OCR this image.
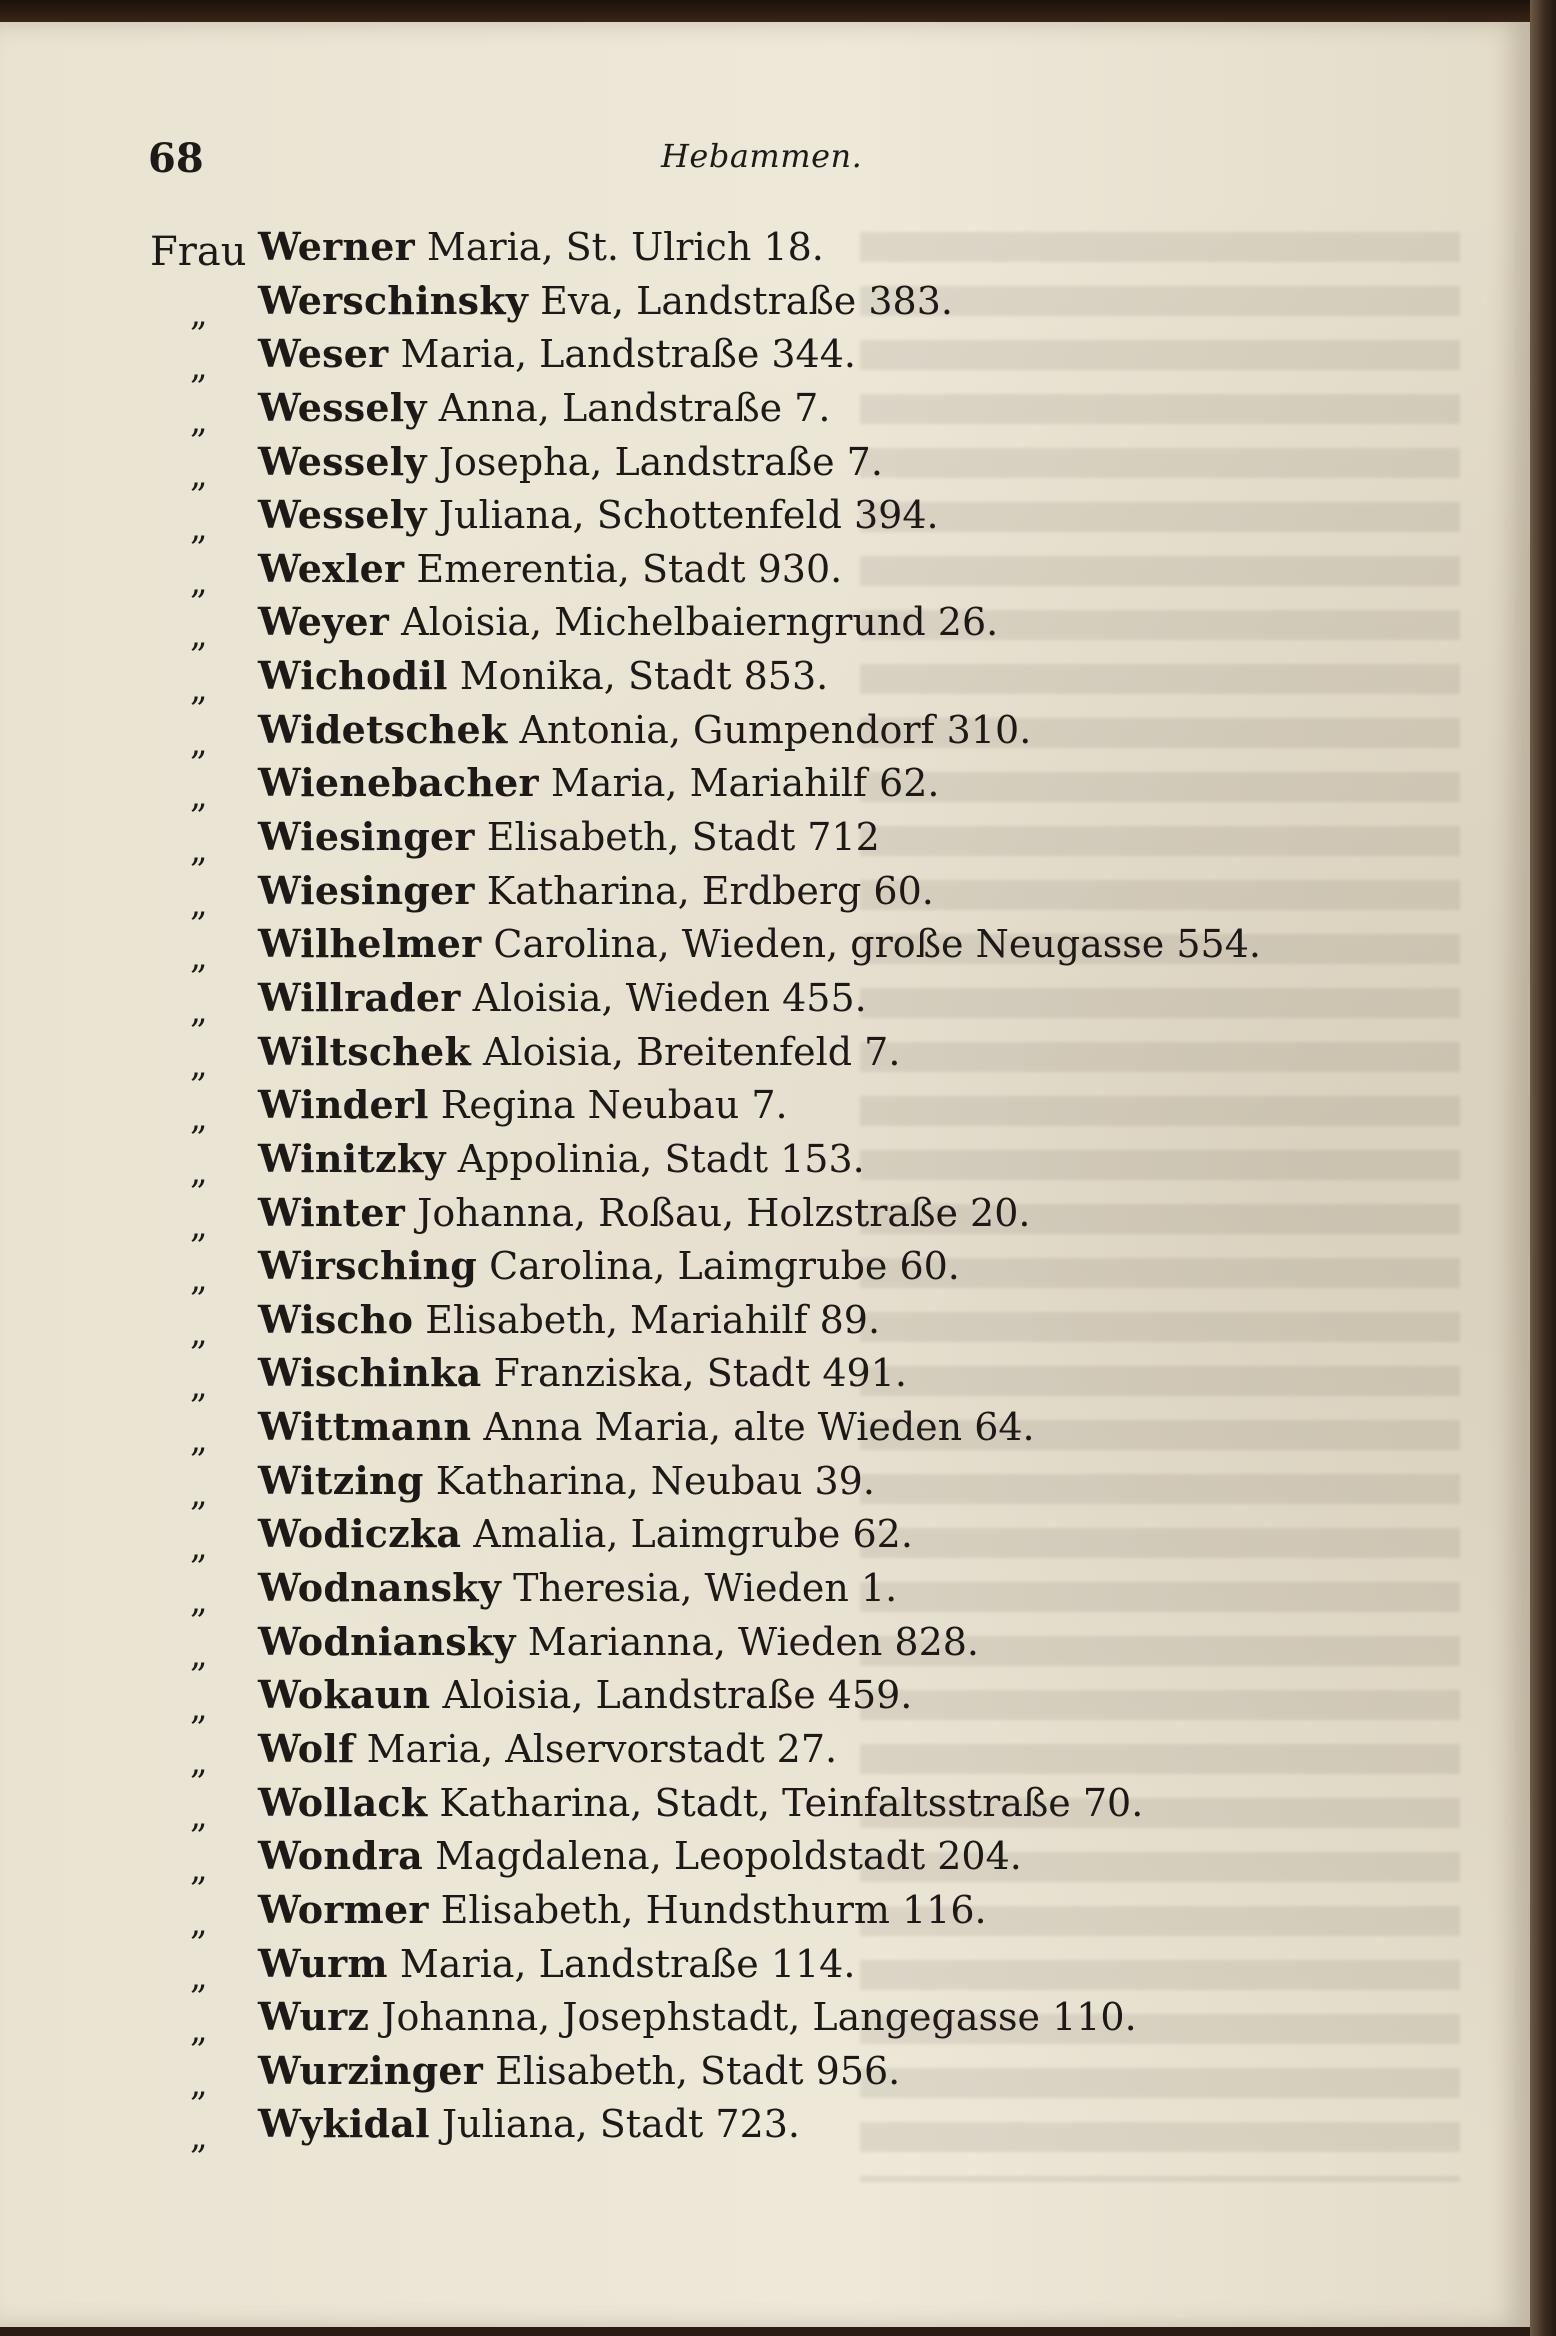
68	Hebammen.
Frau Werner Maria, St. Ulrich 18.
„	Werschinsky Eva, Landstraße 383.
„	Weser Maria, Landstraße 344.
„	Wessely Anna, Landstraße 7.
„	Wessely Josepha, Landstraße 7.
„	Wessely Juliana, Schottenfeld 394.
„	Wexler Emerentia, Stadt 930.
„	Weyer Aloisia, Michelbaierngrund 26.
„	Wichodil Monika, Stadt 853.
„	Widetschek Antonia, Gumpendorf 310.
„	Wienebacher Maria, Mariahilf 62.
„	Wiesinger Elisabeth, Stadt 712
„	Wiesinger Katharina, Erdberg 60.
„	Wilhelmer Carolina, Wieden, große Neugasse 554.
„	Willrader Aloisia, Wieden 455.
„	Wiltschek Aloisia, Breitenfeld 7.
„	Winderl Regina Neubau 7.
„	Winitzky Appolinia, Stadt 153.
„	Winter Johanna, Roßau, Holzstraße 20.
„	Wirsching Carolina, Laimgrube 60.
„	Wischo Elisabeth, Mariahilf 89.
„	Wischinka Franziska, Stadt 491.
„	Wittmann Anna Maria, alte Wieden 64.
„	Witzing Katharina, Neubau 39.
„	Wodiczka Amalia, Laimgrube 62.
„	Wodnansky Theresia, Wieden 1.
„	Wodniansky Marianna, Wieden 828.
„	Wokaun Aloisia, Landstraße 459.
„	Wolf Maria, Alservorstadt 27.
„	Wollack Katharina, Stadt, Teinfaltsstraße 70.
„	Wondra Magdalena, Leopoldstadt 204.
„	Wormer Elisabeth, Hundsthurm 116.
„	Wurm Maria, Landstraße 114.
„	Wurz Johanna, Josephstadt, Langegasse 110.
„	Wurzinger Elisabeth, Stadt 956.
„	Wykidal Juliana, Stadt 723.
